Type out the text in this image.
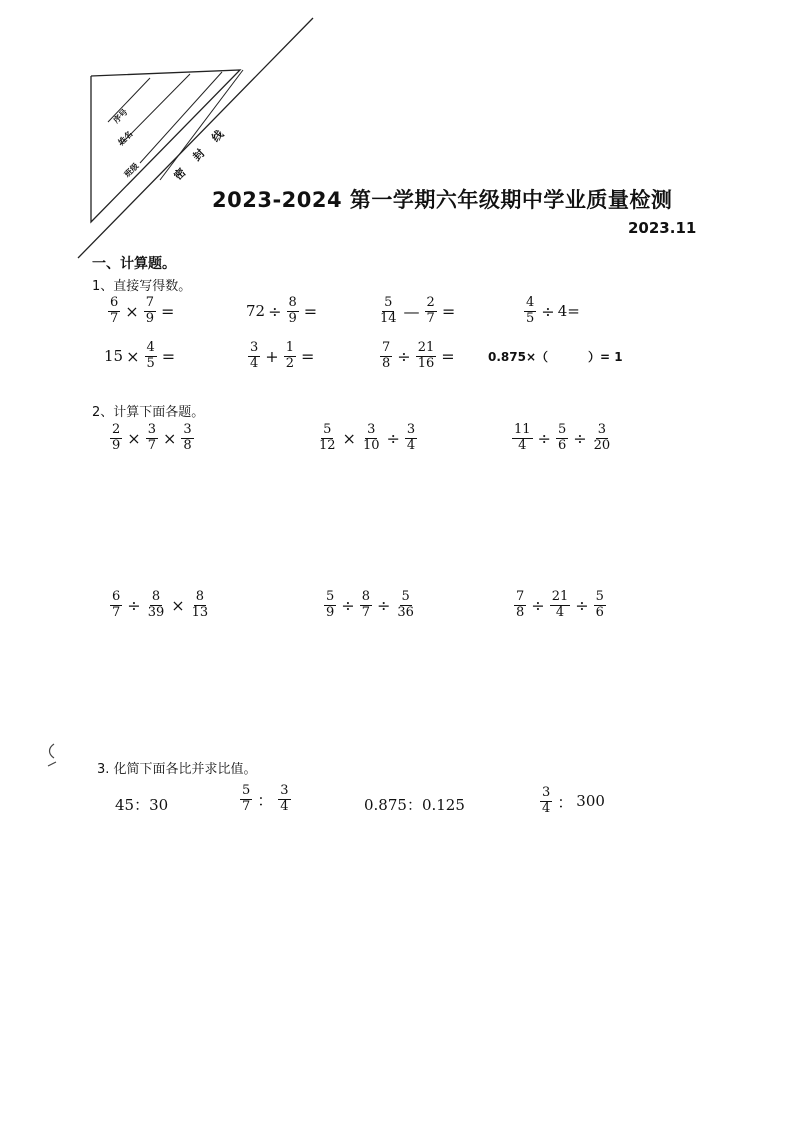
序号
姓名
班级	密 封 线
2023-2024 第一学期六年级期中学业质量检测
2023.11
一、计算题。
1、直接写得数。
$\frac{6}{7} \times \frac{7}{9}$ =	$72 \div \frac{8}{9}$ =	$\frac{5}{14}$ — $\frac{2}{7}$ =	$\frac{4}{5} \div 4=$
$15 \times \frac{4}{5}$ =	$\frac{3}{4} + \frac{1}{2}$ =	$\frac{7}{8} \div \frac{21}{16}$ =	0.875×（	）= 1
2、计算下面各题。
$\frac{2}{9} \times \frac{3}{7} \times \frac{3}{8}$	$\frac{5}{12} \times \frac{3}{10} \div \frac{3}{4}$	$\frac{11}{4} \div \frac{5}{6} \div \frac{3}{20}$
$\frac{6}{7} \div \frac{8}{39} \times \frac{8}{13}$	$\frac{5}{9} \div \frac{8}{7} \div \frac{5}{36}$	$\frac{7}{8} \div \frac{21}{4} \div \frac{5}{6}$
3. 化简下面各比并求比值。
45：30	$\frac{5}{7}$ ： $\frac{3}{4}$	0.875：0.125	$\frac{3}{4}$ ： 300
